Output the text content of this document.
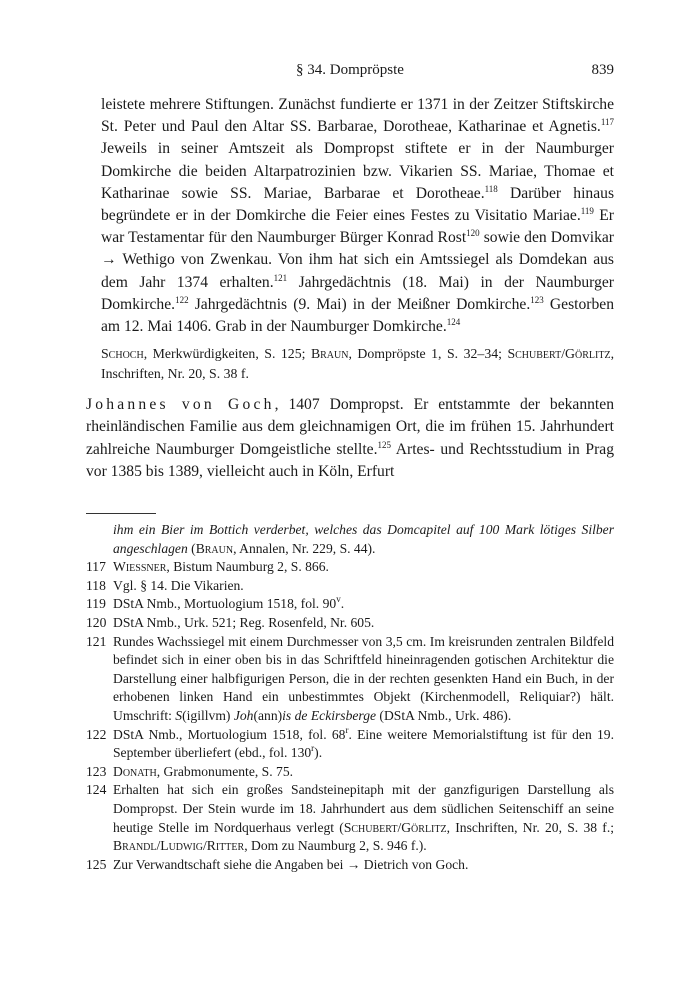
§ 34. Dompröpste	839

leistete mehrere Stiftungen. Zunächst fundierte er 1371 in der Zeitzer Stiftskirche St. Peter und Paul den Altar SS. Barbarae, Dorotheae, Katharinae et Agnetis.$^{117}$ Jeweils in seiner Amtszeit als Dompropst stiftete er in der Naumburger Domkirche die beiden Altarpatrozinien bzw. Vikarien SS. Mariae, Thomae et Katharinae sowie SS. Mariae, Barbarae et Dorotheae.$^{118}$ Darüber hinaus begründete er in der Domkirche die Feier eines Festes zu Visitatio Mariae.$^{119}$ Er war Testamentar für den Naumburger Bürger Konrad Rost$^{120}$ sowie den Domvikar → Wethigo von Zwenkau. Von ihm hat sich ein Amtssiegel als Domdekan aus dem Jahr 1374 erhalten.$^{121}$ Jahrgedächtnis (18. Mai) in der Naumburger Domkirche.$^{122}$ Jahrgedächtnis (9. Mai) in der Meißner Domkirche.$^{123}$ Gestorben am 12. Mai 1406. Grab in der Naumburger Domkirche.$^{124}$

Schoch, Merkwürdigkeiten, S. 125; Braun, Dompröpste 1, S. 32–34; Schubert/Görlitz, Inschriften, Nr. 20, S. 38 f.

Johannes von Goch, 1407 Dompropst. Er entstammte der bekannten rheinländischen Familie aus dem gleichnamigen Ort, die im frühen 15. Jahrhundert zahlreiche Naumburger Domgeistliche stellte.$^{125}$ Artes- und Rechtsstudium in Prag vor 1385 bis 1389, vielleicht auch in Köln, Erfurt

ihm ein Bier im Bottich verderbet, welches das Domcapitel auf 100 Mark lötiges Silber angeschlagen (Braun, Annalen, Nr. 229, S. 44).
117 Wiessner, Bistum Naumburg 2, S. 866.
118 Vgl. § 14. Die Vikarien.
119 DStA Nmb., Mortuologium 1518, fol. 90$^v$.
120 DStA Nmb., Urk. 521; Reg. Rosenfeld, Nr. 605.
121 Rundes Wachssiegel mit einem Durchmesser von 3,5 cm. Im kreisrunden zentralen Bildfeld befindet sich in einer oben bis in das Schriftfeld hineinragenden gotischen Architektur die Darstellung einer halbfigurigen Person, die in der rechten gesenkten Hand ein Buch, in der erhobenen linken Hand ein unbestimmtes Objekt (Kirchenmodell, Reliquiar?) hält. Umschrift: S(igillvm) Joh(ann)is de Eckirsberge (DStA Nmb., Urk. 486).
122 DStA Nmb., Mortuologium 1518, fol. 68$^r$. Eine weitere Memorialstiftung ist für den 19. September überliefert (ebd., fol. 130$^r$).
123 Donath, Grabmonumente, S. 75.
124 Erhalten hat sich ein großes Sandsteinepitaph mit der ganzfigurigen Darstellung als Dompropst. Der Stein wurde im 18. Jahrhundert aus dem südlichen Seitenschiff an seine heutige Stelle im Nordquerhaus verlegt (Schubert/Görlitz, Inschriften, Nr. 20, S. 38 f.; Brandl/Ludwig/Ritter, Dom zu Naumburg 2, S. 946 f.).
125 Zur Verwandtschaft siehe die Angaben bei → Dietrich von Goch.
